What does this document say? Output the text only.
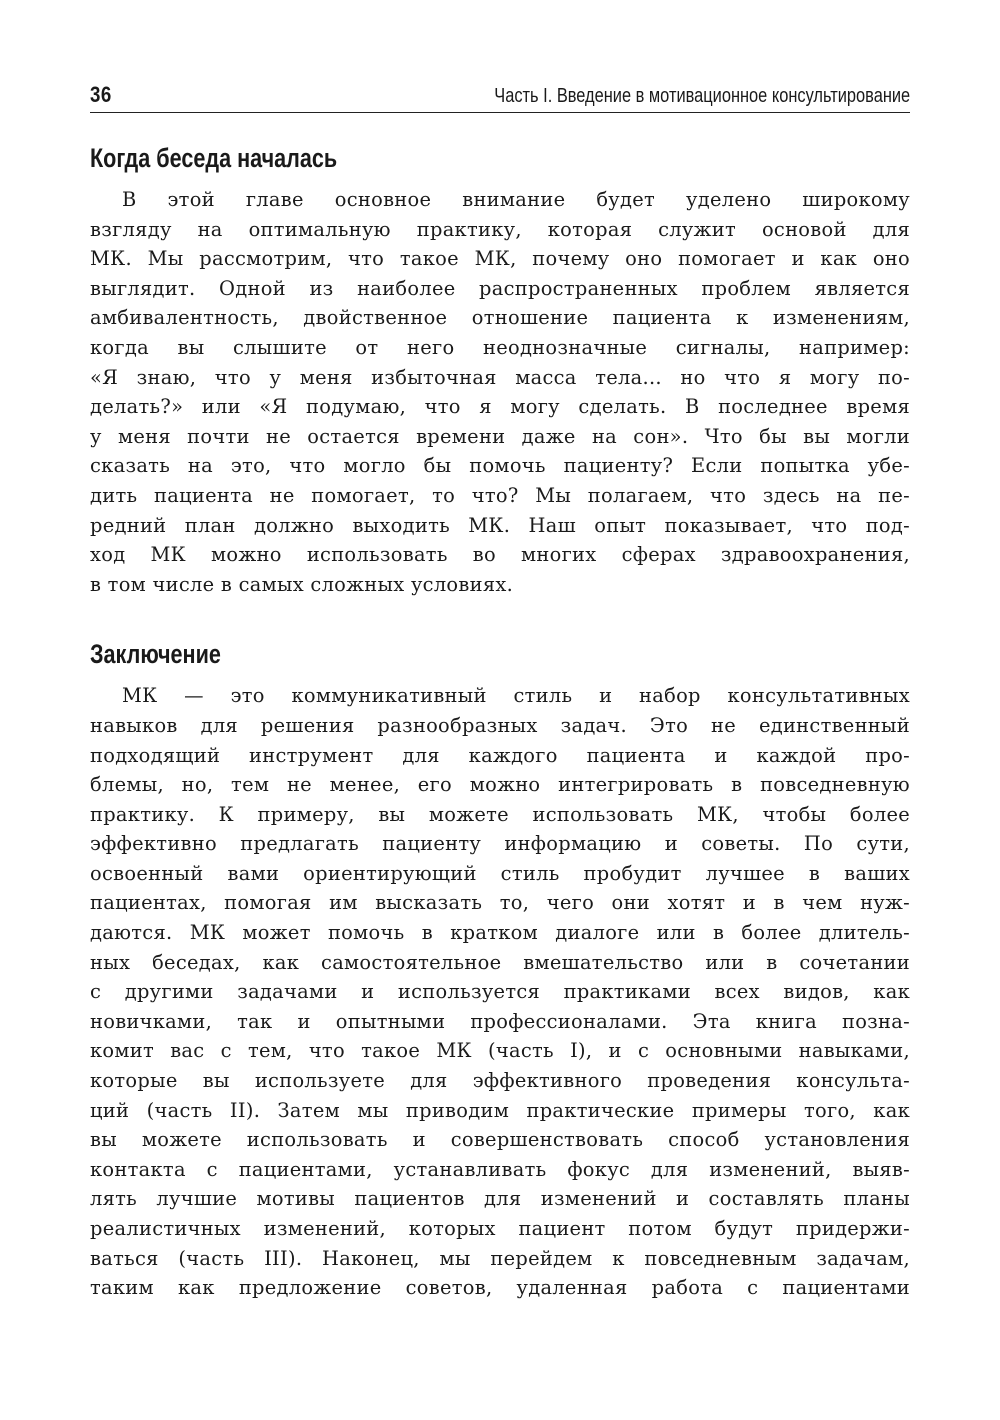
36	Часть I. Введение в мотивационное консультирование
Когда беседа началась
В этой главе основное внимание будет уделено широкому
взгляду на оптимальную практику, которая служит основой для
МК. Мы рассмотрим, что такое МК, почему оно помогает и как оно
выглядит. Одной из наиболее распространенных проблем является
амбивалентность, двойственное отношение пациента к изменениям,
когда вы слышите от него неоднозначные сигналы, например:
«Я знаю, что у меня избыточная масса тела... но что я могу по-
делать?» или «Я подумаю, что я могу сделать. В последнее время
у меня почти не остается времени даже на сон». Что бы вы могли
сказать на это, что могло бы помочь пациенту? Если попытка убе-
дить пациента не помогает, то что? Мы полагаем, что здесь на пе-
редний план должно выходить МК. Наш опыт показывает, что под-
ход МК можно использовать во многих сферах здравоохранения,
в том числе в самых сложных условиях.
Заключение
МК — это коммуникативный стиль и набор консультативных
навыков для решения разнообразных задач. Это не единственный
подходящий инструмент для каждого пациента и каждой про-
блемы, но, тем не менее, его можно интегрировать в повседневную
практику. К примеру, вы можете использовать МК, чтобы более
эффективно предлагать пациенту информацию и советы. По сути,
освоенный вами ориентирующий стиль пробудит лучшее в ваших
пациентах, помогая им высказать то, чего они хотят и в чем нуж-
даются. МК может помочь в кратком диалоге или в более длитель-
ных беседах, как самостоятельное вмешательство или в сочетании
с другими задачами и используется практиками всех видов, как
новичками, так и опытными профессионалами. Эта книга позна-
комит вас с тем, что такое МК (часть I), и с основными навыками,
которые вы используете для эффективного проведения консульта-
ций (часть II). Затем мы приводим практические примеры того, как
вы можете использовать и совершенствовать способ установления
контакта с пациентами, устанавливать фокус для изменений, выяв-
лять лучшие мотивы пациентов для изменений и составлять планы
реалистичных изменений, которых пациент потом будут придержи-
ваться (часть III). Наконец, мы перейдем к повседневным задачам,
таким как предложение советов, удаленная работа с пациентами
